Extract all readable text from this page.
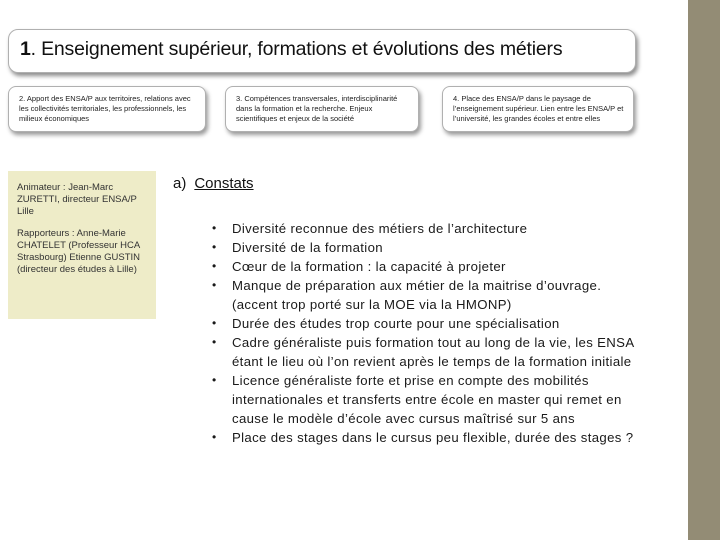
1. Enseignement supérieur, formations et évolutions des métiers
2. Apport des ENSA/P aux territoires, relations avec les collectivités territoriales, les professionnels, les milieux économiques
3. Compétences transversales, interdisciplinarité dans la formation et la recherche. Enjeux scientifiques et enjeux de la société
4. Place des ENSA/P dans le paysage de l’enseignement supérieur. Lien entre les ENSA/P et l’université, les grandes écoles et entre elles

Animateur : Jean-Marc ZURETTI, directeur ENSA/P Lille

Rapporteurs : Anne-Marie CHATELET (Professeur HCA Strasbourg) Etienne GUSTIN (directeur des études à Lille)

a) Constats
• Diversité reconnue des métiers de l’architecture
• Diversité de la formation
• Cœur de la formation : la capacité à projeter
• Manque de préparation aux métier de la maitrise d’ouvrage. (accent trop porté sur la MOE via la HMONP)
• Durée des études trop courte pour une spécialisation
• Cadre généraliste puis formation tout au long de la vie, les ENSA étant le lieu où l’on revient après le temps de la formation initiale
• Licence généraliste forte et prise en compte des mobilités internationales et transferts entre école en master qui remet en cause le modèle d’école avec cursus maîtrisé sur 5 ans
• Place des stages dans le cursus peu flexible, durée des stages ?
